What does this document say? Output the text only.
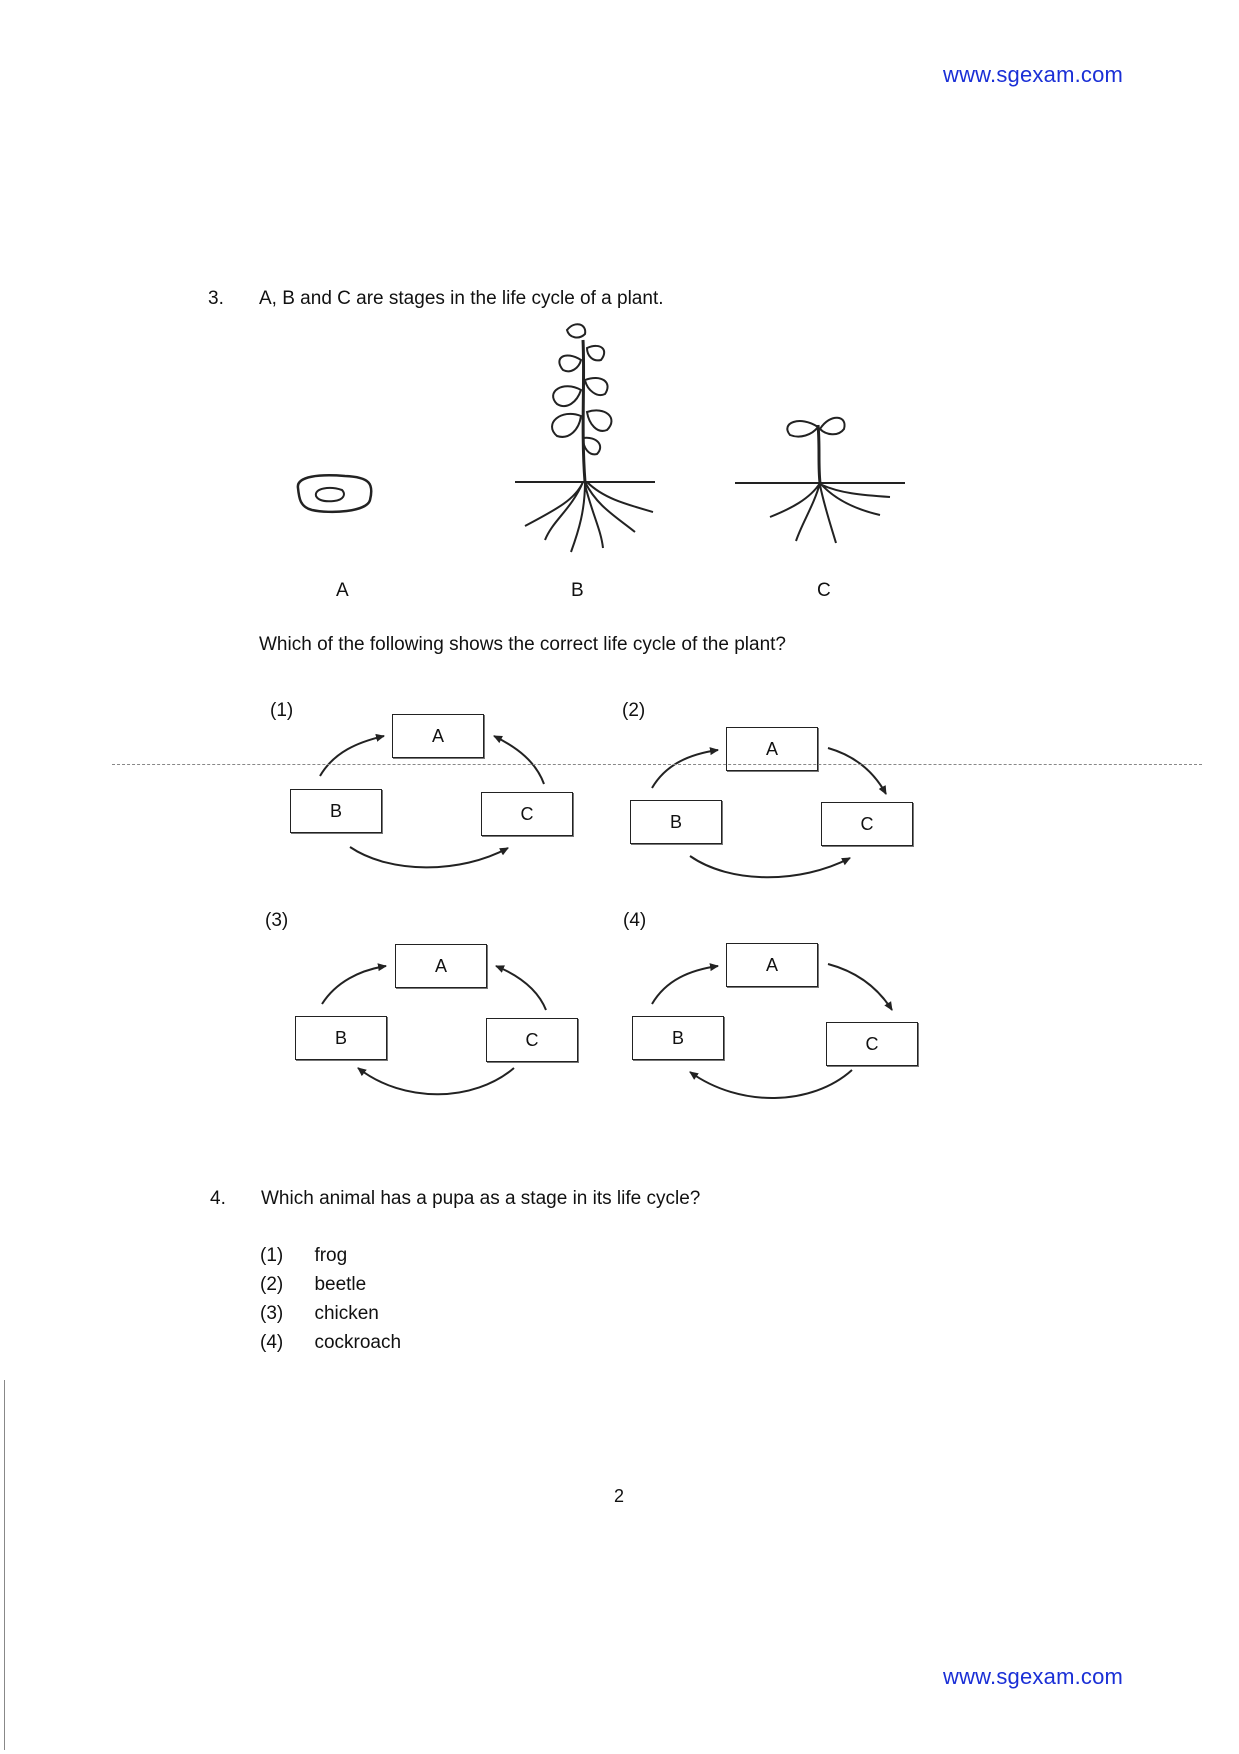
www.sgexam.com
3. A, B and C are stages in the life cycle of a plant.
A	B	C
Which of the following shows the correct life cycle of the plant?
(1)
A
B	C
(2)
A
B	C
(3)
A
B	C
(4)
A
B	C
4. Which animal has a pupa as a stage in its life cycle?
(1) frog
(2) beetle
(3) chicken
(4) cockroach
2
www.sgexam.com
